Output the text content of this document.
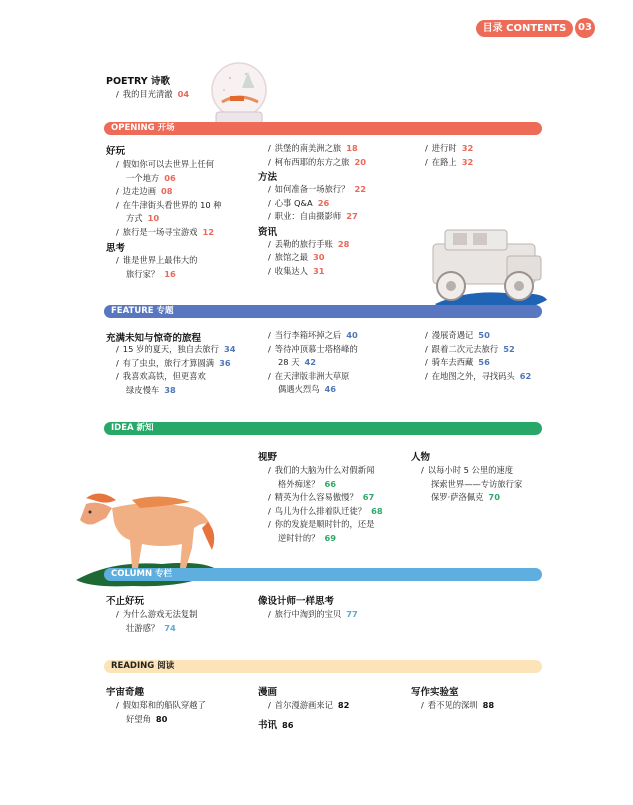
目录 CONTENTS	03
POETRY 诗歌
/ 我的目光清澈 04
OPENING 开场
好玩
/ 假如你可以去世界上任何
一个地方 06
/ 边走边画 08
/ 在牛津街头看世界的 10 种
方式 10
/ 旅行是一场寻宝游戏 12
思考
/ 谁是世界上最伟大的
旅行家？ 16
/ 洪堡的南美洲之旅 18
/ 柯布西耶的东方之旅 20
方法
/ 如何准备一场旅行？ 22
/ 心事 Q&A 26
/ 职业：自由摄影师 27
资讯
/ 丢勒的旅行手账 28
/ 旅馆之最 30
/ 收集达人 31
/ 进行时 32
/ 在路上 32
FEATURE 专题
充满未知与惊奇的旅程
/ 15 岁的夏天，独自去旅行 34
/ 有了虫虫，旅行才算圆满 36
/ 我喜欢高铁，但更喜欢
绿皮慢车 38
/ 当行李箱坏掉之后 40
/ 等待冲顶慕士塔格峰的
28 天 42
/ 在天津版非洲大草原
偶遇火烈鸟 46
/ 漫展奇遇记 50
/ 跟着二次元去旅行 52
/ 骑车去西藏 56
/ 在地图之外，寻找码头 62
IDEA 新知
视野
/ 我们的大脑为什么对假新闻
格外痴迷？ 66
/ 精英为什么容易傲慢？ 67
/ 鸟儿为什么排着队迁徙？ 68
/ 你的发旋是顺时针的，还是
逆时针的？ 69
人物
/ 以每小时 5 公里的速度
探索世界——专访旅行家
保罗·萨洛佩克 70
COLUMN 专栏
不止好玩
/ 为什么游戏无法复制
壮游感？ 74
像设计师一样思考
/ 旅行中淘到的宝贝 77
READING 阅读
宇宙奇趣
/ 假如郑和的船队穿越了
好望角 80
漫画
/ 首尔漫游画来记 82
书讯 86
写作实验室
/ 看不见的深圳 88
